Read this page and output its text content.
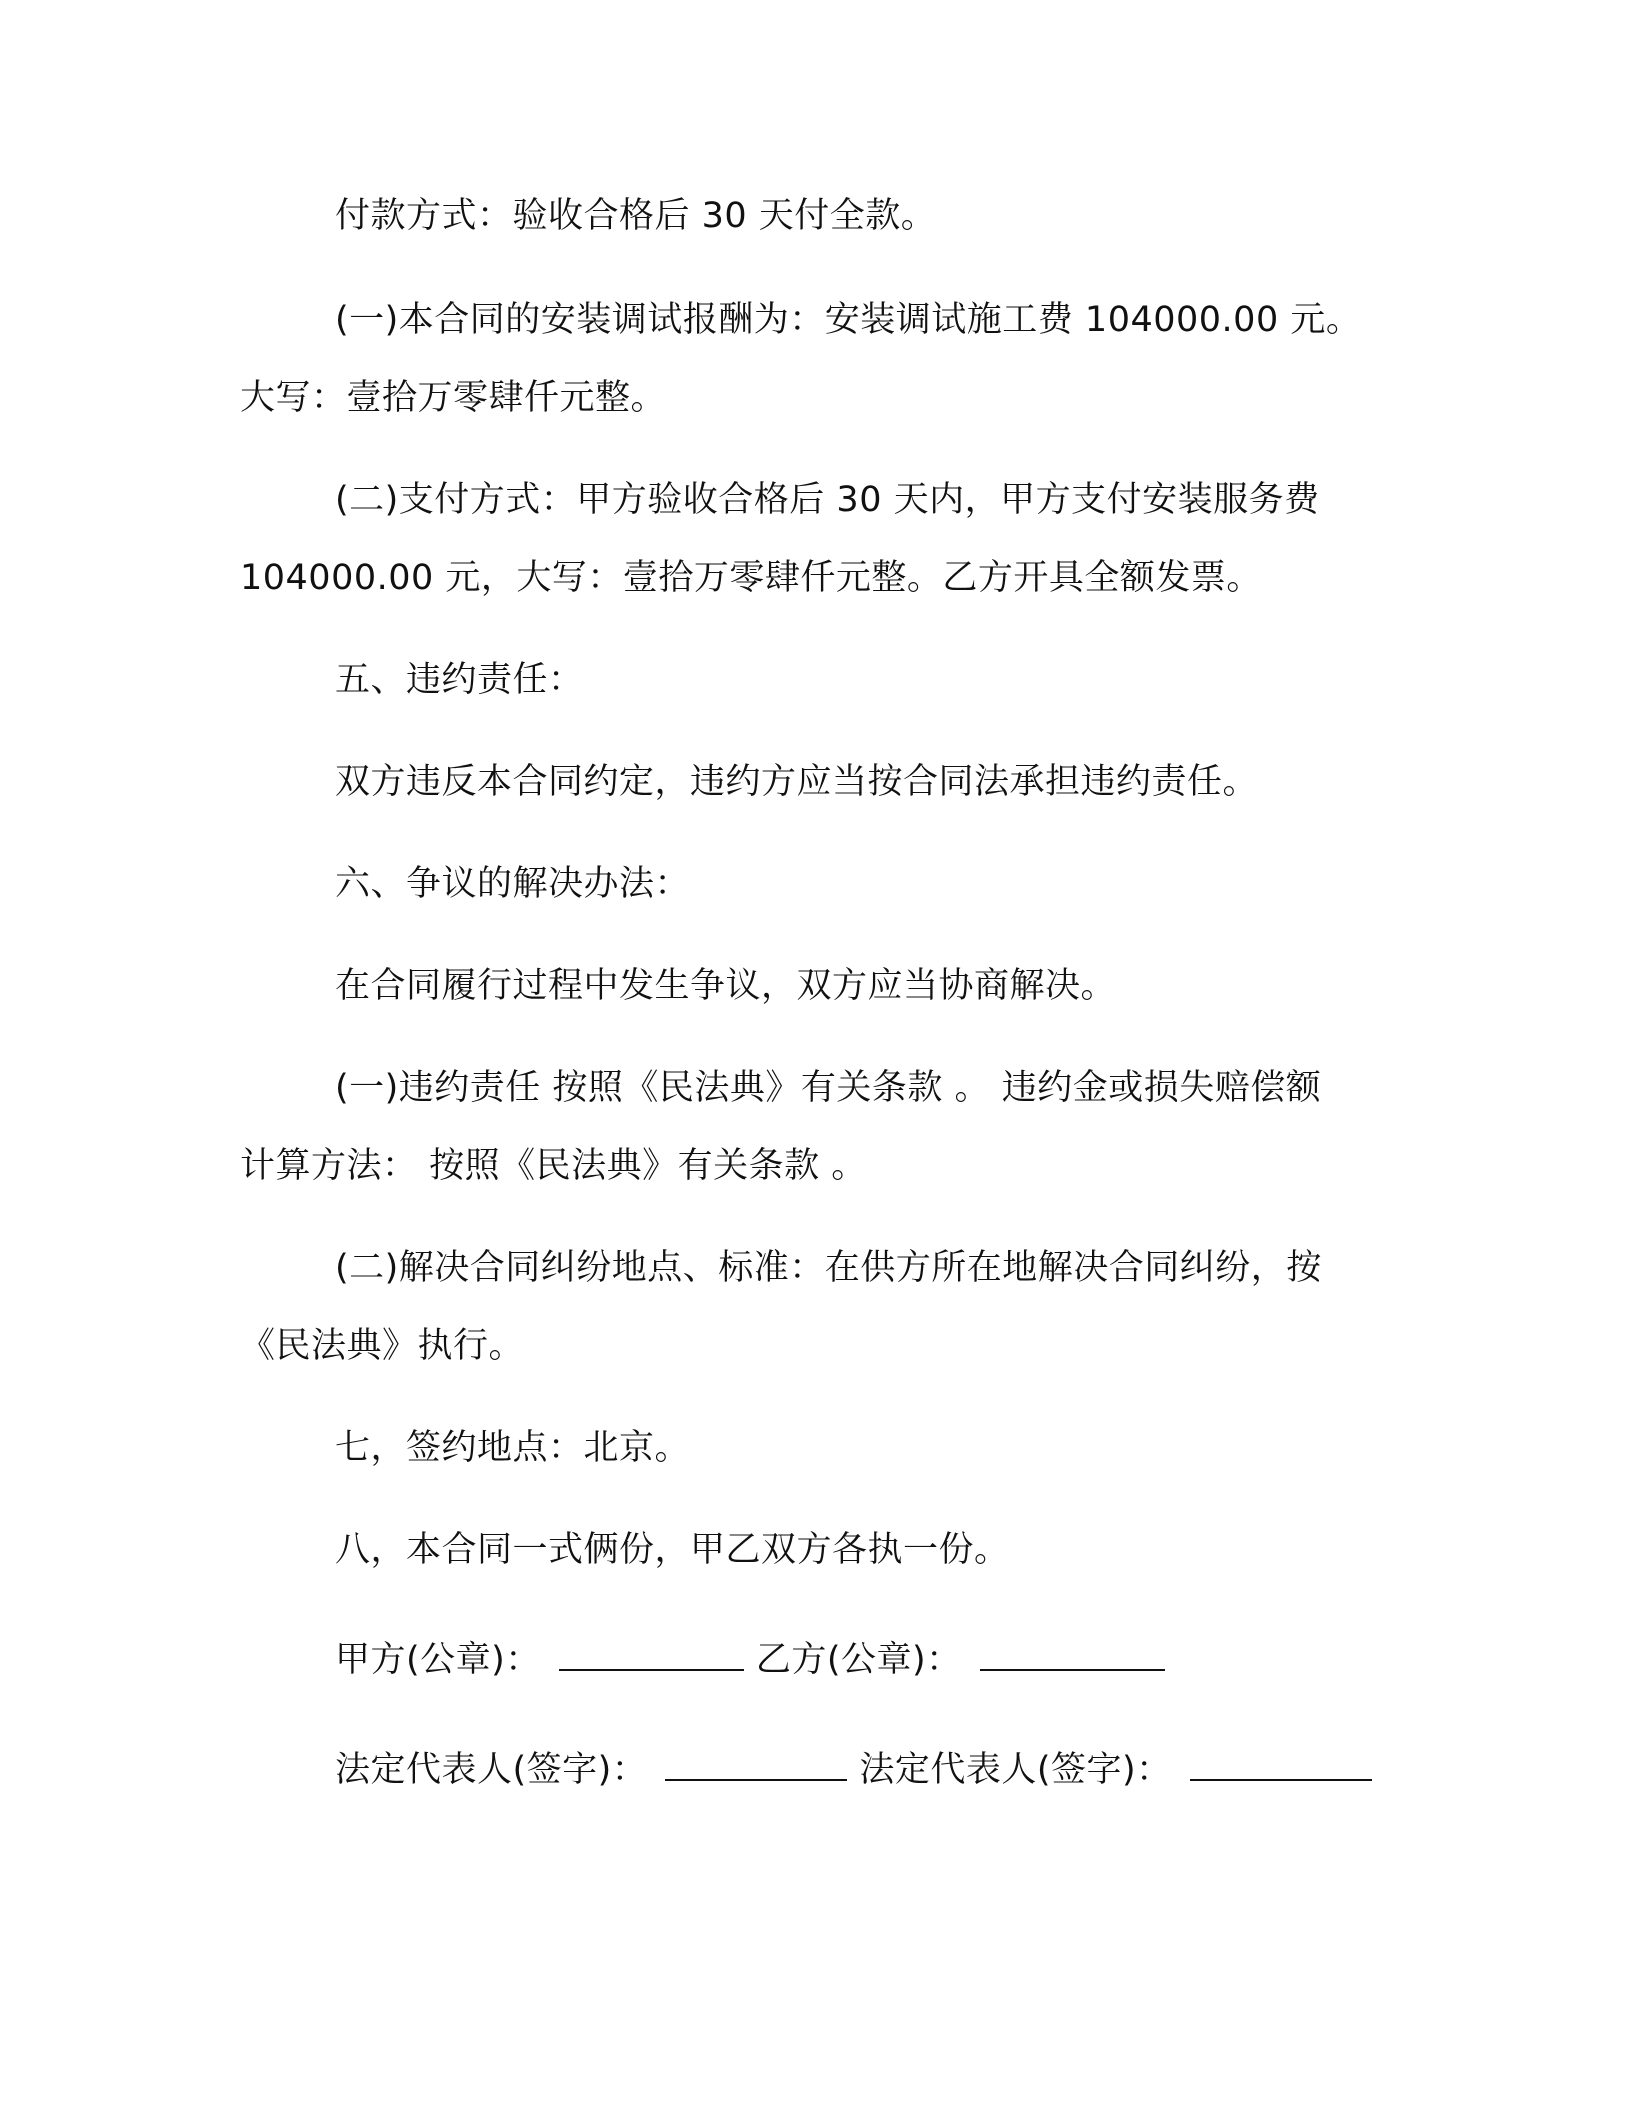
付款方式：验收合格后 30 天付全款。
(一)本合同的安装调试报酬为：安装调试施工费 104000.00 元。
大写：壹拾万零肆仟元整。
(二)支付方式：甲方验收合格后 30 天内，甲方支付安装服务费
104000.00 元，大写：壹拾万零肆仟元整。乙方开具全额发票。
五、违约责任：
双方违反本合同约定，违约方应当按合同法承担违约责任。
六、争议的解决办法：
在合同履行过程中发生争议，双方应当协商解决。
(一)违约责任 按照《民法典》有关条款 。 违约金或损失赔偿额
计算方法： 按照《民法典》有关条款 。
(二)解决合同纠纷地点、标准：在供方所在地解决合同纠纷，按
《民法典》执行。
七，签约地点：北京。
八，本合同一式俩份，甲乙双方各执一份。
甲方(公章)：	乙方(公章)：
法定代表人(签字)：	法定代表人(签字)：
